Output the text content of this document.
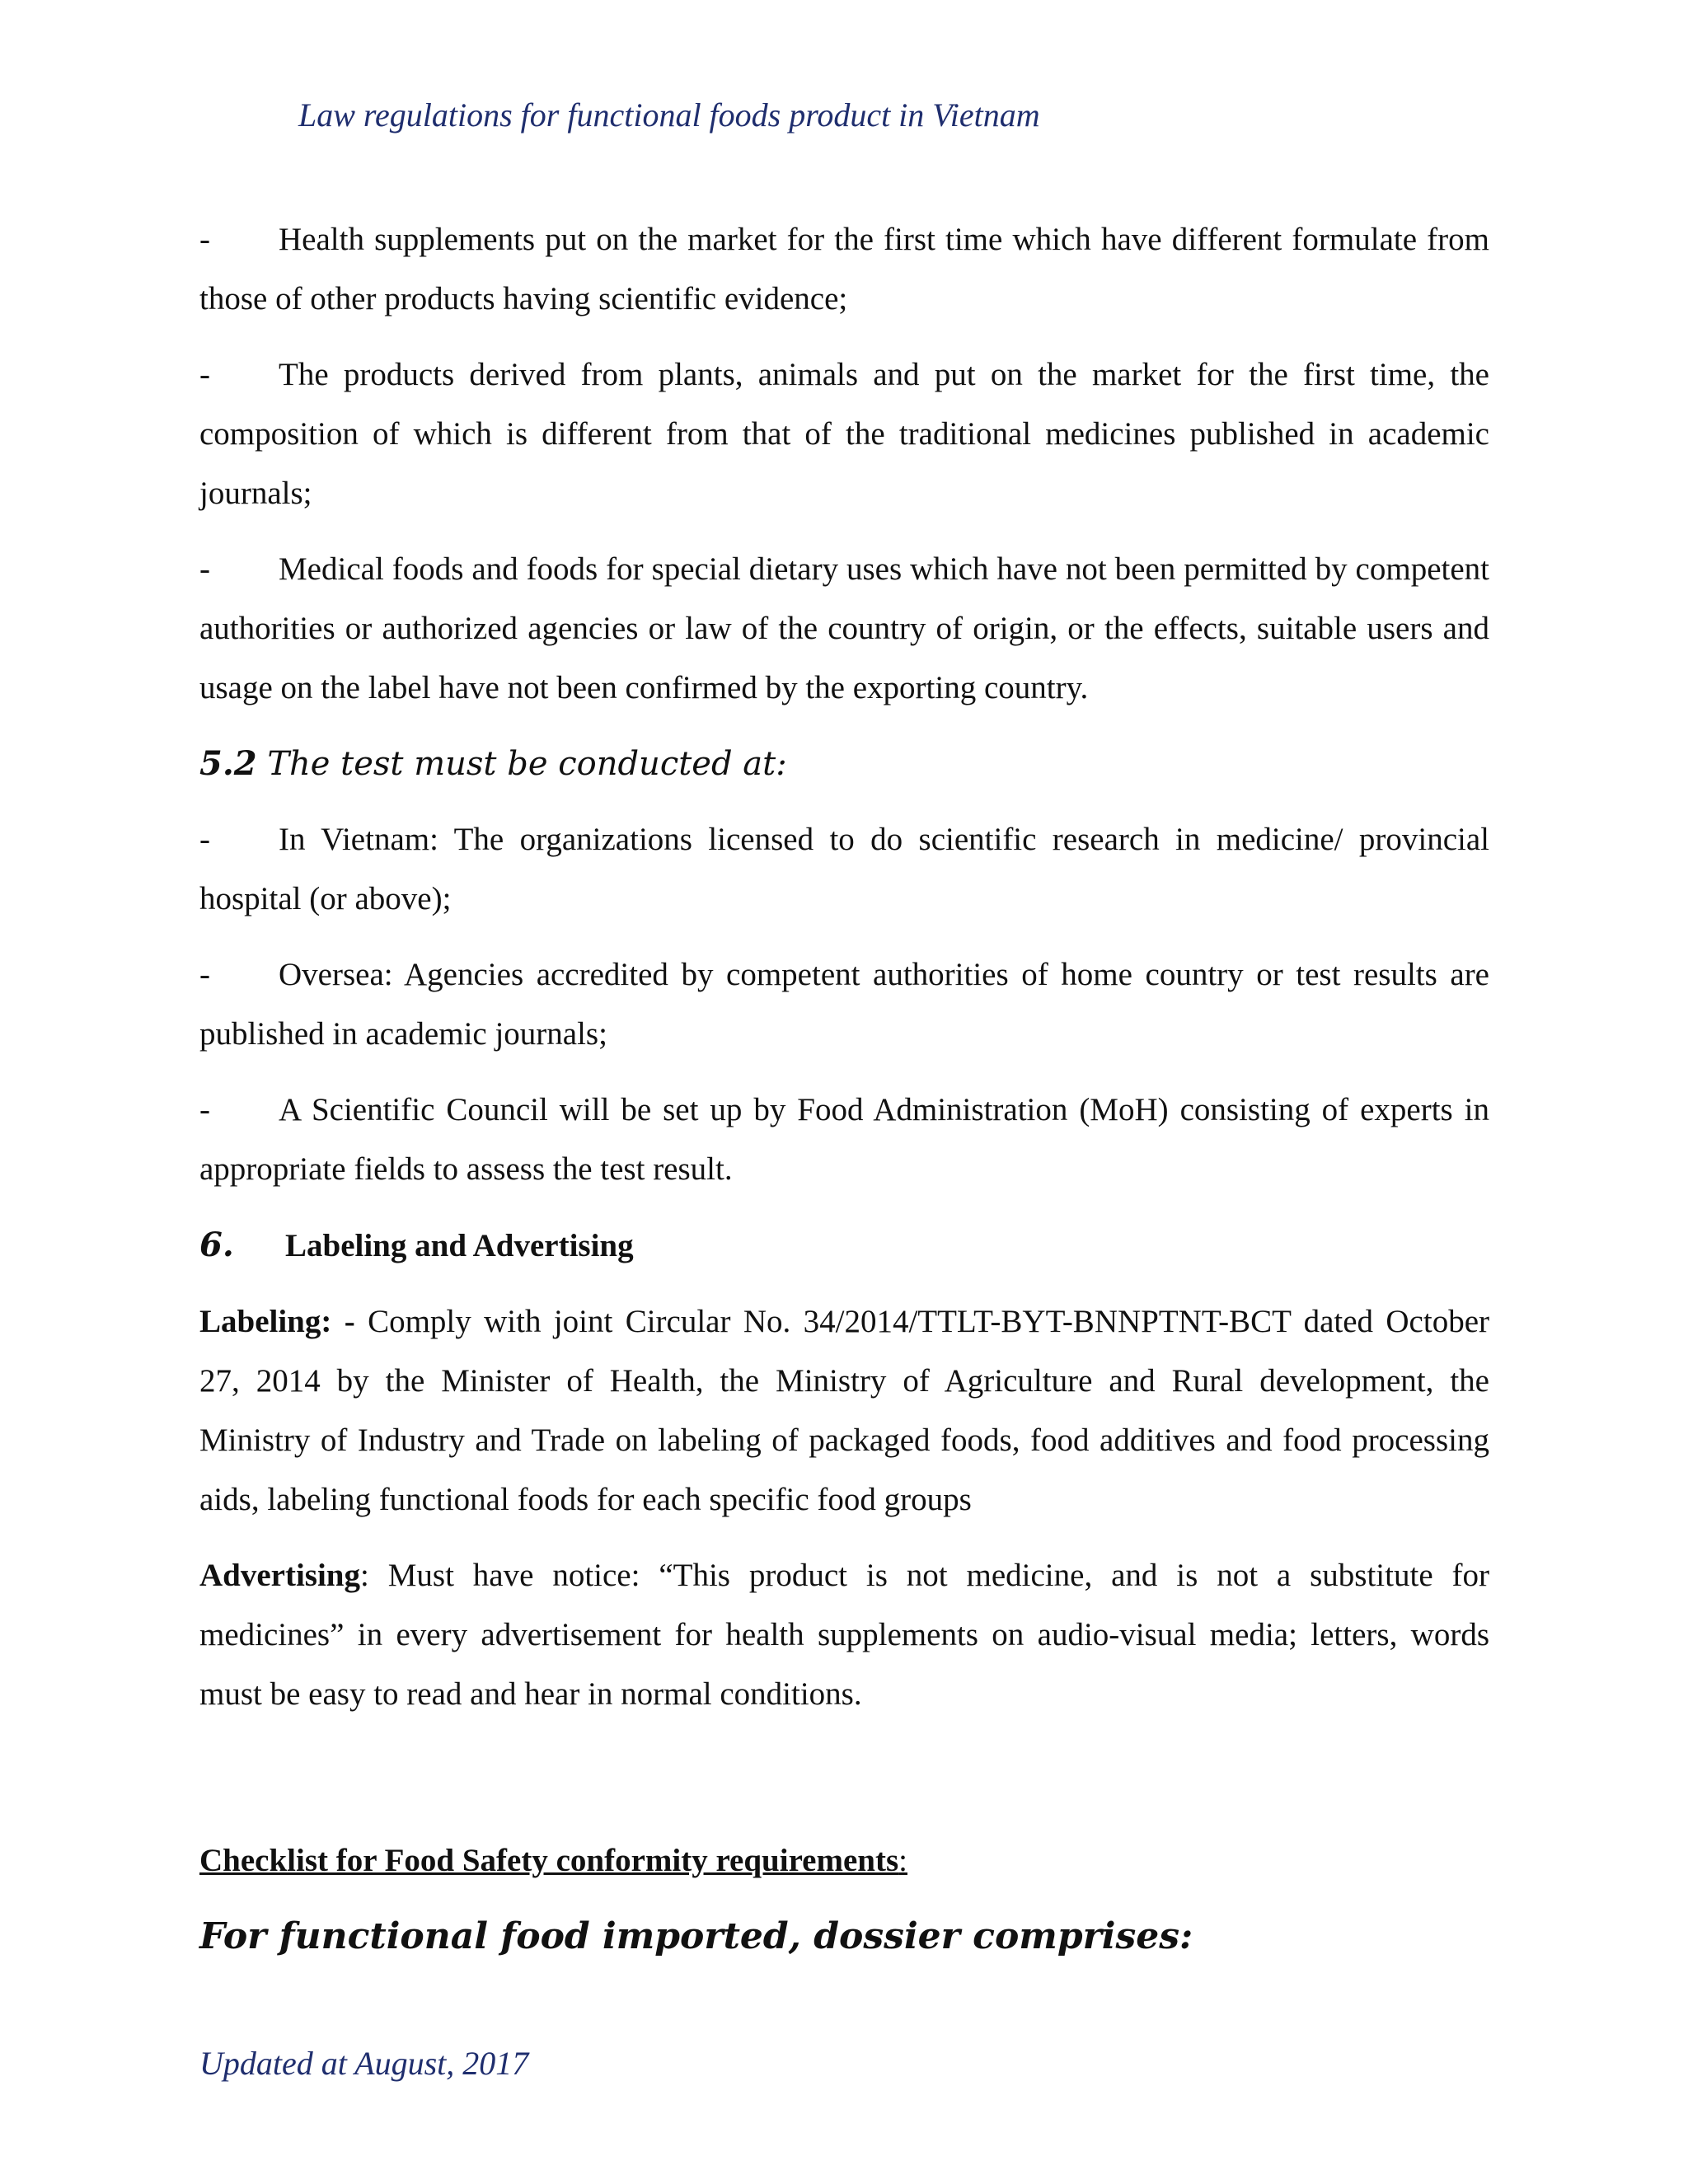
Law regulations for functional foods product in Vietnam

- Health supplements put on the market for the first time which have different formulate from those of other products having scientific evidence;

- The products derived from plants, animals and put on the market for the first time, the composition of which is different from that of the traditional medicines published in academic journals;

- Medical foods and foods for special dietary uses which have not been permitted by competent authorities or authorized agencies or law of the country of origin, or the effects, suitable users and usage on the label have not been confirmed by the exporting country.

5.2 The test must be conducted at:

- In Vietnam: The organizations licensed to do scientific research in medicine/ provincial hospital (or above);

- Oversea: Agencies accredited by competent authorities of home country or test results are published in academic journals;

- A Scientific Council will be set up by Food Administration (MoH) consisting of experts in appropriate fields to assess the test result.

6. Labeling and Advertising

Labeling: - Comply with joint Circular No. 34/2014/TTLT-BYT-BNNPTNT-BCT dated October 27, 2014 by the Minister of Health, the Ministry of Agriculture and Rural development, the Ministry of Industry and Trade on labeling of packaged foods, food additives and food processing aids, labeling functional foods for each specific food groups

Advertising: Must have notice: “This product is not medicine, and is not a substitute for medicines” in every advertisement for health supplements on audio-visual media; letters, words must be easy to read and hear in normal conditions.

Checklist for Food Safety conformity requirements:

For functional food imported, dossier comprises:

Updated at August, 2017
